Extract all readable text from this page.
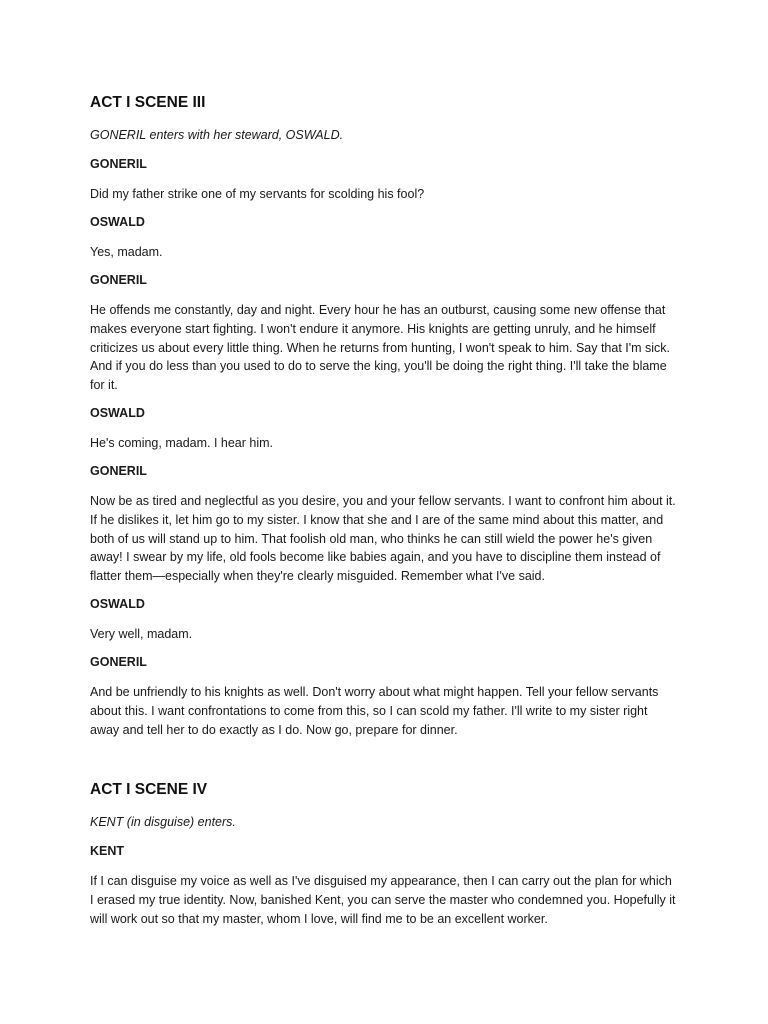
ACT I SCENE III
GONERIL enters with her steward, OSWALD.
GONERIL
Did my father strike one of my servants for scolding his fool?
OSWALD
Yes, madam.
GONERIL
He offends me constantly, day and night. Every hour he has an outburst, causing some new offense that makes everyone start fighting. I won't endure it anymore. His knights are getting unruly, and he himself criticizes us about every little thing. When he returns from hunting, I won't speak to him. Say that I'm sick. And if you do less than you used to do to serve the king, you'll be doing the right thing. I'll take the blame for it.
OSWALD
He's coming, madam. I hear him.
GONERIL
Now be as tired and neglectful as you desire, you and your fellow servants. I want to confront him about it. If he dislikes it, let him go to my sister. I know that she and I are of the same mind about this matter, and both of us will stand up to him. That foolish old man, who thinks he can still wield the power he's given away! I swear by my life, old fools become like babies again, and you have to discipline them instead of flatter them—especially when they're clearly misguided. Remember what I've said.
OSWALD
Very well, madam.
GONERIL
And be unfriendly to his knights as well. Don't worry about what might happen. Tell your fellow servants about this. I want confrontations to come from this, so I can scold my father. I'll write to my sister right away and tell her to do exactly as I do. Now go, prepare for dinner.
ACT I SCENE IV
KENT (in disguise) enters.
KENT
If I can disguise my voice as well as I've disguised my appearance, then I can carry out the plan for which I erased my true identity. Now, banished Kent, you can serve the master who condemned you. Hopefully it will work out so that my master, whom I love, will find me to be an excellent worker.
